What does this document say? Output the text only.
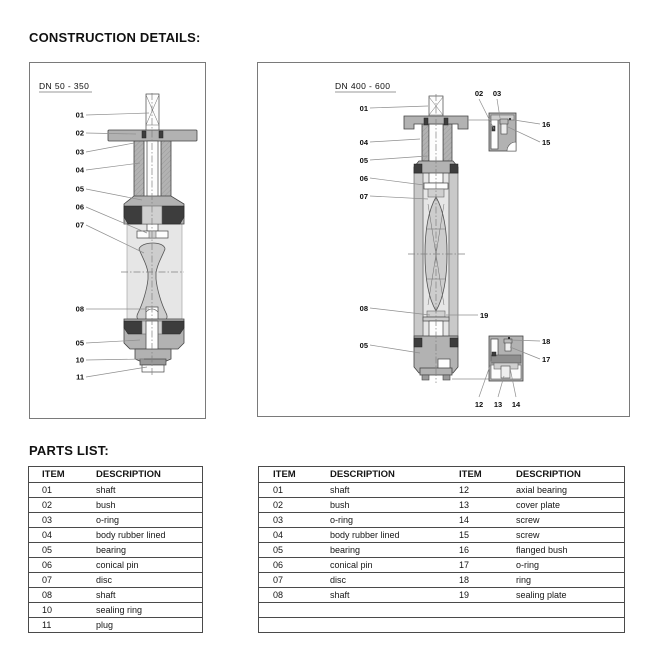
CONSTRUCTION DETAILS:
DN 50 - 350
01
02
03
04
05
06
07
08
05
10
11
DN 400 - 600
01
04
05
06
07
08
05
19
02 03
16
15
18
17
12 13 14
PARTS LIST:
ITEM	DESCRIPTION
01	shaft
02	bush
03	o-ring
04	body rubber lined
05	bearing
06	conical pin
07	disc
08	shaft
10	sealing ring
11	plug
ITEM	DESCRIPTION	ITEM	DESCRIPTION
01	shaft	12	axial bearing
02	bush	13	cover plate
03	o-ring	14	screw
04	body rubber lined	15	screw
05	bearing	16	flanged bush
06	conical pin	17	o-ring
07	disc	18	ring
08	shaft	19	sealing plate
